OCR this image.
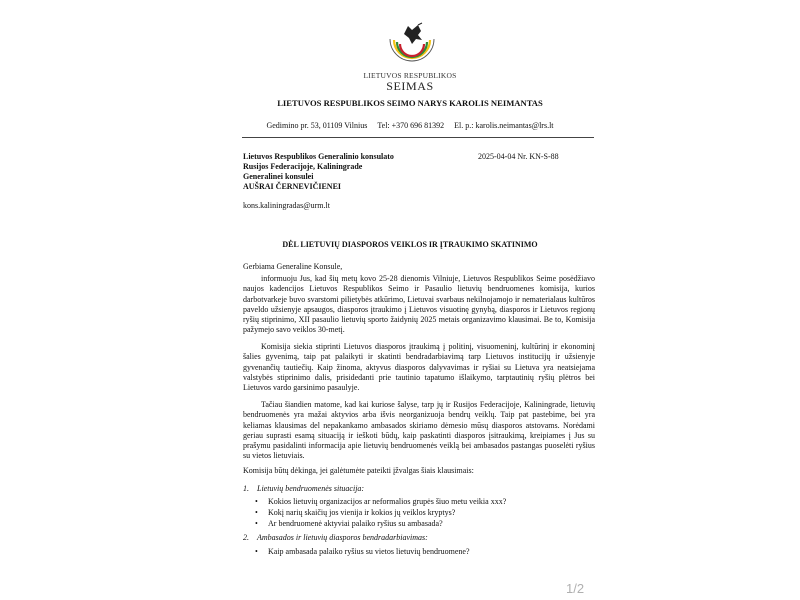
LIETUVOS RESPUBLIKOS
SEIMAS
LIETUVOS RESPUBLIKOS SEIMO NARYS KAROLIS NEIMANTAS
Gedimino pr. 53, 01109 Vilnius Tel: +370 696 81392 El. p.: karolis.neimantas@lrs.lt
Lietuvos Respublikos Generalinio konsulato
Rusijos Federacijoje, Kaliningrade
Generalinei konsulei
AUŠRAI ČERNEVIČIENEI
2025-04-04 Nr. KN-S-88
kons.kaliningradas@urm.lt
DĖL LIETUVIŲ DIASPOROS VEIKLOS IR ĮTRAUKIMO SKATINIMO
Gerbiama Generaline Konsule,

informuoju Jus, kad šių metų kovo 25-28 dienomis Vilniuje, Lietuvos Respublikos Seime posėdžiavo naujos kadencijos Lietuvos Respublikos Seimo ir Pasaulio lietuvių bendruomenes komisija, kurios darbotvarkeje buvo svarstomi pilietybės atkūrimo, Lietuvai svarbaus nekilnojamojo ir nematerialaus kultūros paveldo užsienyje apsaugos, diasporos įtraukimo į Lietuvos visuotinę gynybą, diasporos ir Lietuvos regionų ryšių stiprinimo, XII pasaulio lietuvių sporto žaidynių 2025 metais organizavimo klausimai. Be to, Komisija pažymejo savo veiklos 30-metį.

Komisija siekia stiprinti Lietuvos diasporos įtraukimą į politinį, visuomeninį, kultūrinį ir ekonominį šalies gyvenimą, taip pat palaikyti ir skatinti bendradarbiavimą tarp Lietuvos institucijų ir užsienyje gyvenančių tautiečių. Kaip žinoma, aktyvus diasporos dalyvavimas ir ryšiai su Lietuva yra neatsiejama valstybės stiprinimo dalis, prisidedanti prie tautinio tapatumo išlaikymo, tarptautinių ryšių plėtros bei Lietuvos vardo garsinimo pasaulyje.

Tačiau šiandien matome, kad kai kuriose šalyse, tarp jų ir Rusijos Federacijoje, Kaliningrade, lietuvių bendruomenės yra mažai aktyvios arba išvis neorganizuoja bendrų veiklų. Taip pat pastebime, bei yra keliamas klausimas del nepakankamo ambasados skiriamo dėmesio mūsų diasporos atstovams. Norėdami geriau suprasti esamą situaciją ir ieškoti būdų, kaip paskatinti diasporos įsitraukimą, kreipiames į Jus su prašymu pasidalinti informacija apie lietuvių bendruomenės veiklą bei ambasados pastangas puoselėti ryšius su vietos lietuviais.

Komisija būtų dėkinga, jei galėtumėte pateikti įžvalgas šiais klausimais:
1. Lietuvių bendruomenės situacija:
• Kokios lietuvių organizacijos ar neformalios grupės šiuo metu veikia xxx?
• Kokį narių skaičių jos vienija ir kokios jų veiklos kryptys?
• Ar bendruomenė aktyviai palaiko ryšius su ambasada?
2. Ambasados ir lietuvių diasporos bendradarbiavimas:
• Kaip ambasada palaiko ryšius su vietos lietuvių bendruomene?
1/2
